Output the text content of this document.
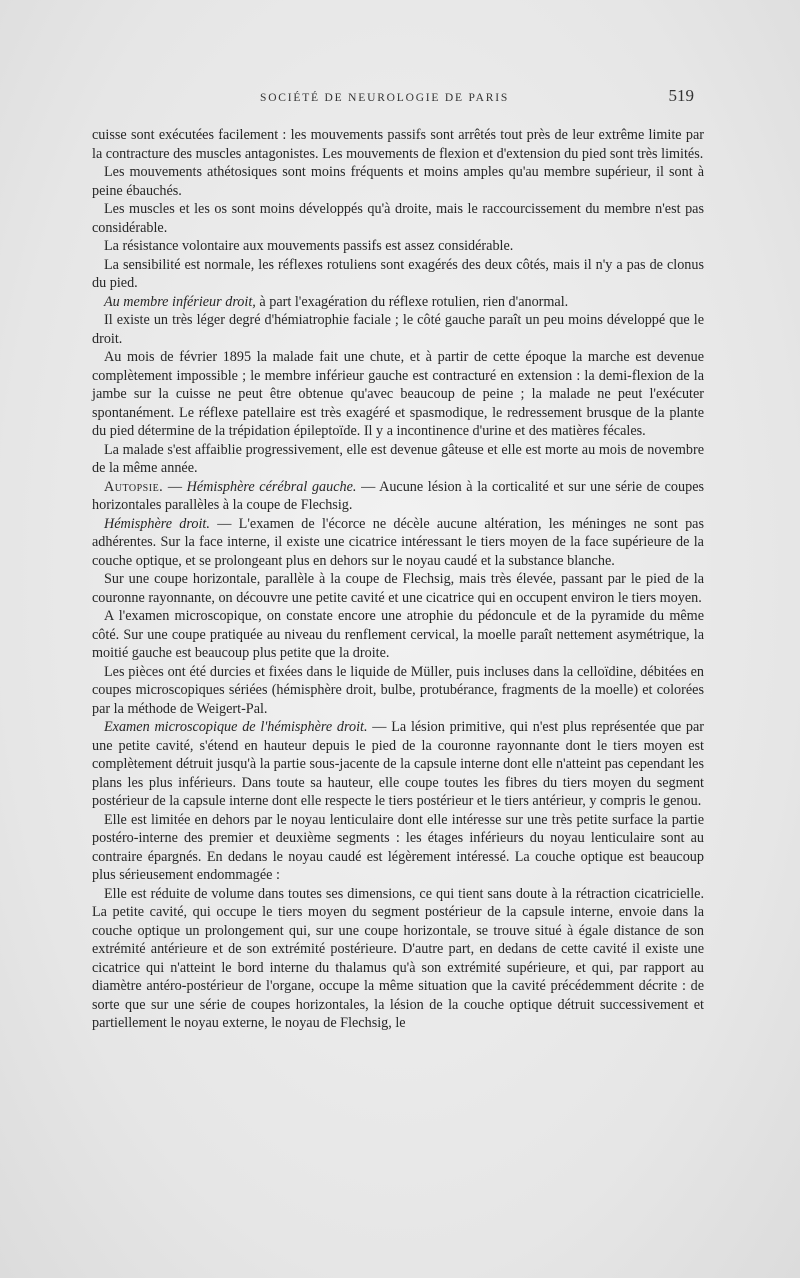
SOCIÉTÉ DE NEUROLOGIE DE PARIS	519

cuisse sont exécutées facilement : les mouvements passifs sont arrêtés tout près de leur extrême limite par la contracture des muscles antagonistes. Les mouvements de flexion et d'extension du pied sont très limités.

Les mouvements athétosiques sont moins fréquents et moins amples qu'au membre supérieur, il sont à peine ébauchés.

Les muscles et les os sont moins développés qu'à droite, mais le raccourcissement du membre n'est pas considérable.

La résistance volontaire aux mouvements passifs est assez considérable.

La sensibilité est normale, les réflexes rotuliens sont exagérés des deux côtés, mais il n'y a pas de clonus du pied.

Au membre inférieur droit, à part l'exagération du réflexe rotulien, rien d'anormal.

Il existe un très léger degré d'hémiatrophie faciale ; le côté gauche paraît un peu moins développé que le droit.

Au mois de février 1895 la malade fait une chute, et à partir de cette époque la marche est devenue complètement impossible ; le membre inférieur gauche est contracturé en extension : la demi-flexion de la jambe sur la cuisse ne peut être obtenue qu'avec beaucoup de peine ; la malade ne peut l'exécuter spontanément. Le réflexe patellaire est très exagéré et spasmodique, le redressement brusque de la plante du pied détermine de la trépidation épileptoïde. Il y a incontinence d'urine et des matières fécales.

La malade s'est affaiblie progressivement, elle est devenue gâteuse et elle est morte au mois de novembre de la même année.

Autopsie. — Hémisphère cérébral gauche. — Aucune lésion à la corticalité et sur une série de coupes horizontales parallèles à la coupe de Flechsig.

Hémisphère droit. — L'examen de l'écorce ne décèle aucune altération, les méninges ne sont pas adhérentes. Sur la face interne, il existe une cicatrice intéressant le tiers moyen de la face supérieure de la couche optique, et se prolongeant plus en dehors sur le noyau caudé et la substance blanche.

Sur une coupe horizontale, parallèle à la coupe de Flechsig, mais très élevée, passant par le pied de la couronne rayonnante, on découvre une petite cavité et une cicatrice qui en occupent environ le tiers moyen.

A l'examen microscopique, on constate encore une atrophie du pédoncule et de la pyramide du même côté. Sur une coupe pratiquée au niveau du renflement cervical, la moelle paraît nettement asymétrique, la moitié gauche est beaucoup plus petite que la droite.

Les pièces ont été durcies et fixées dans le liquide de Müller, puis incluses dans la celloïdine, débitées en coupes microscopiques sériées (hémisphère droit, bulbe, protubérance, fragments de la moelle) et colorées par la méthode de Weigert-Pal.

Examen microscopique de l'hémisphère droit. — La lésion primitive, qui n'est plus représentée que par une petite cavité, s'étend en hauteur depuis le pied de la couronne rayonnante dont le tiers moyen est complètement détruit jusqu'à la partie sous-jacente de la capsule interne dont elle n'atteint pas cependant les plans les plus inférieurs. Dans toute sa hauteur, elle coupe toutes les fibres du tiers moyen du segment postérieur de la capsule interne dont elle respecte le tiers postérieur et le tiers antérieur, y compris le genou.

Elle est limitée en dehors par le noyau lenticulaire dont elle intéresse sur une très petite surface la partie postéro-interne des premier et deuxième segments : les étages inférieurs du noyau lenticulaire sont au contraire épargnés. En dedans le noyau caudé est légèrement intéressé. La couche optique est beaucoup plus sérieusement endommagée :

Elle est réduite de volume dans toutes ses dimensions, ce qui tient sans doute à la rétraction cicatricielle. La petite cavité, qui occupe le tiers moyen du segment postérieur de la capsule interne, envoie dans la couche optique un prolongement qui, sur une coupe horizontale, se trouve situé à égale distance de son extrémité antérieure et de son extrémité postérieure. D'autre part, en dedans de cette cavité il existe une cicatrice qui n'atteint le bord interne du thalamus qu'à son extrémité supérieure, et qui, par rapport au diamètre antéro-postérieur de l'organe, occupe la même situation que la cavité précédemment décrite : de sorte que sur une série de coupes horizontales, la lésion de la couche optique détruit successivement et partiellement le noyau externe, le noyau de Flechsig, le
